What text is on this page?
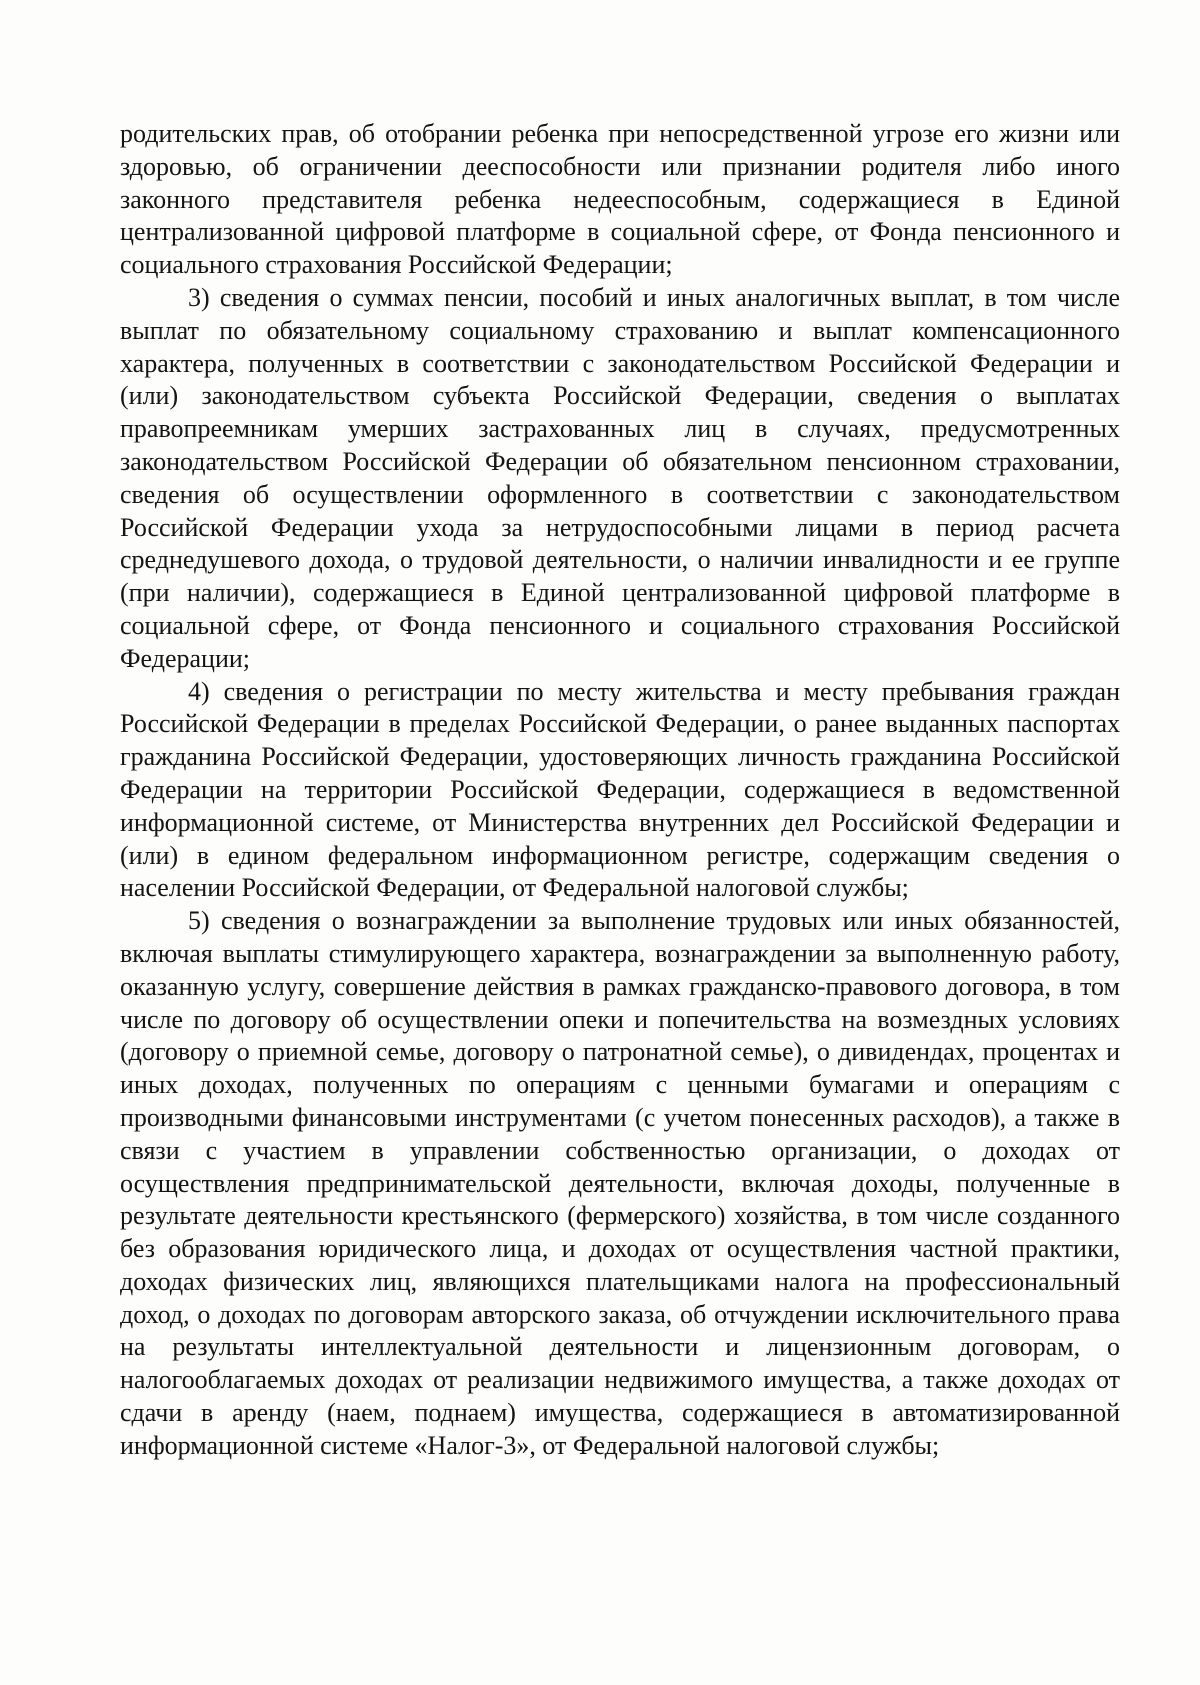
родительских прав, об отобрании ребенка при непосредственной угрозе его жизни или здоровью, об ограничении дееспособности или признании родителя либо иного законного представителя ребенка недееспособным, содержащиеся в Единой централизованной цифровой платформе в социальной сфере, от Фонда пенсионного и социального страхования Российской Федерации;

3) сведения о суммах пенсии, пособий и иных аналогичных выплат, в том числе выплат по обязательному социальному страхованию и выплат компенсационного характера, полученных в соответствии с законодательством Российской Федерации и (или) законодательством субъекта Российской Федерации, сведения о выплатах правопреемникам умерших застрахованных лиц в случаях, предусмотренных законодательством Российской Федерации об обязательном пенсионном страховании, сведения об осуществлении оформленного в соответствии с законодательством Российской Федерации ухода за нетрудоспособными лицами в период расчета среднедушевого дохода, о трудовой деятельности, о наличии инвалидности и ее группе (при наличии), содержащиеся в Единой централизованной цифровой платформе в социальной сфере, от Фонда пенсионного и социального страхования Российской Федерации;

4) сведения о регистрации по месту жительства и месту пребывания граждан Российской Федерации в пределах Российской Федерации, о ранее выданных паспортах гражданина Российской Федерации, удостоверяющих личность гражданина Российской Федерации на территории Российской Федерации, содержащиеся в ведомственной информационной системе, от Министерства внутренних дел Российской Федерации и (или) в едином федеральном информационном регистре, содержащим сведения о населении Российской Федерации, от Федеральной налоговой службы;

5) сведения о вознаграждении за выполнение трудовых или иных обязанностей, включая выплаты стимулирующего характера, вознаграждении за выполненную работу, оказанную услугу, совершение действия в рамках гражданско-правового договора, в том числе по договору об осуществлении опеки и попечительства на возмездных условиях (договору о приемной семье, договору о патронатной семье), о дивидендах, процентах и иных доходах, полученных по операциям с ценными бумагами и операциям с производными финансовыми инструментами (с учетом понесенных расходов), а также в связи с участием в управлении собственностью организации, о доходах от осуществления предпринимательской деятельности, включая доходы, полученные в результате деятельности крестьянского (фермерского) хозяйства, в том числе созданного без образования юридического лица, и доходах от осуществления частной практики, доходах физических лиц, являющихся плательщиками налога на профессиональный доход, о доходах по договорам авторского заказа, об отчуждении исключительного права на результаты интеллектуальной деятельности и лицензионным договорам, о налогооблагаемых доходах от реализации недвижимого имущества, а также доходах от сдачи в аренду (наем, поднаем) имущества, содержащиеся в автоматизированной информационной системе «Налог-3», от Федеральной налоговой службы;
